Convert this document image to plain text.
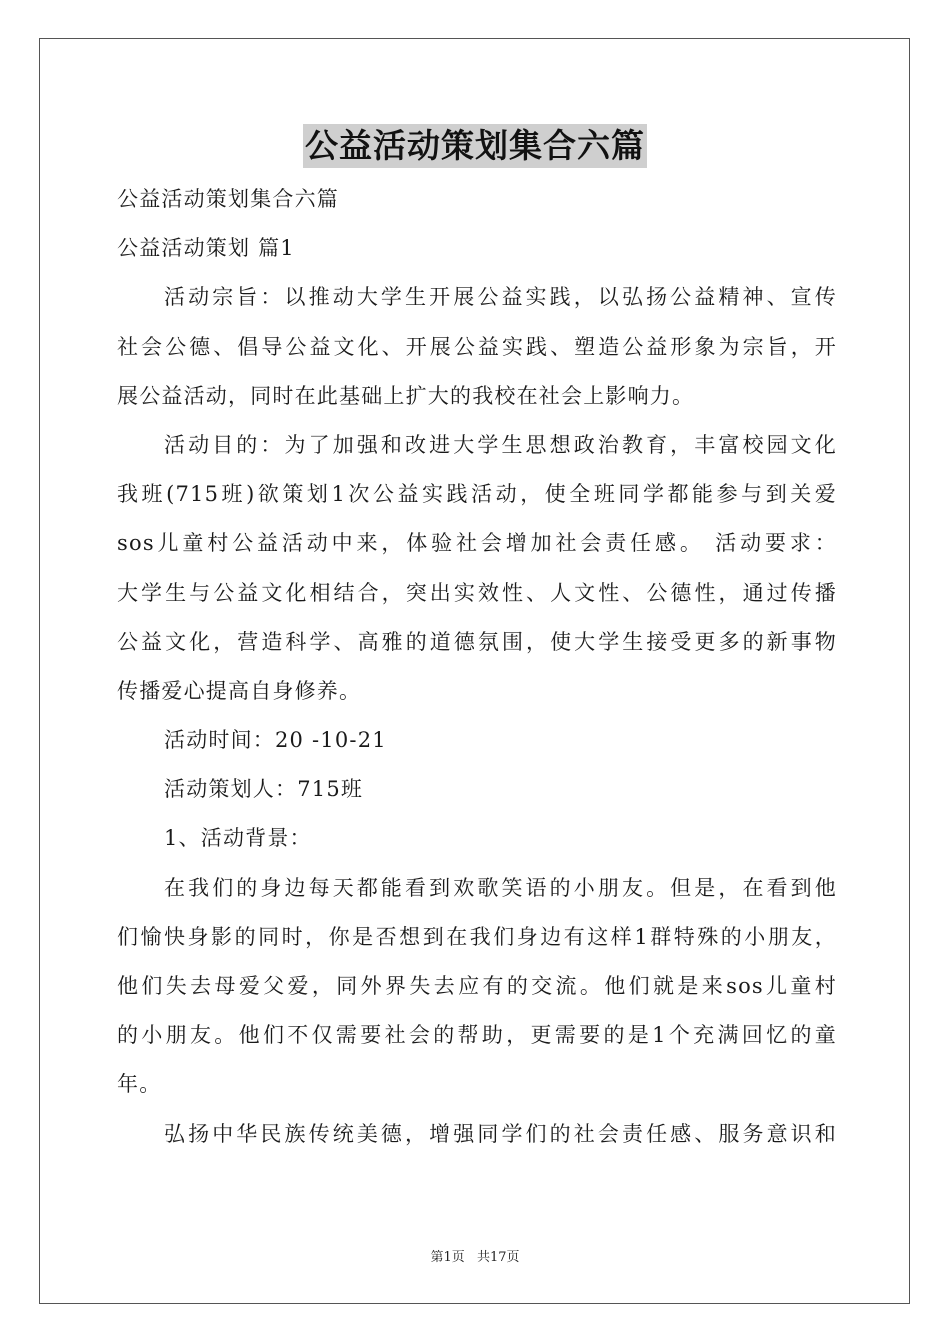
公益活动策划集合六篇
公益活动策划集合六篇
公益活动策划 篇1
活动宗旨：以推动大学生开展公益实践，以弘扬公益精神、宣传
社会公德、倡导公益文化、开展公益实践、塑造公益形象为宗旨，开
展公益活动，同时在此基础上扩大的我校在社会上影响力。
活动目的：为了加强和改进大学生思想政治教育，丰富校园文化
我班(715班)欲策划1次公益实践活动，使全班同学都能参与到关爱
sos儿童村公益活动中来，体验社会增加社会责任感。 活动要求：
大学生与公益文化相结合，突出实效性、人文性、公德性，通过传播
公益文化，营造科学、高雅的道德氛围，使大学生接受更多的新事物
传播爱心提高自身修养。
活动时间：20 -10-21
活动策划人：715班
1、活动背景：
在我们的身边每天都能看到欢歌笑语的小朋友。但是，在看到他
们愉快身影的同时，你是否想到在我们身边有这样1群特殊的小朋友，
他们失去母爱父爱，同外界失去应有的交流。他们就是来sos儿童村
的小朋友。他们不仅需要社会的帮助，更需要的是1个充满回忆的童
年。
弘扬中华民族传统美德，增强同学们的社会责任感、服务意识和
第1页 共17页
